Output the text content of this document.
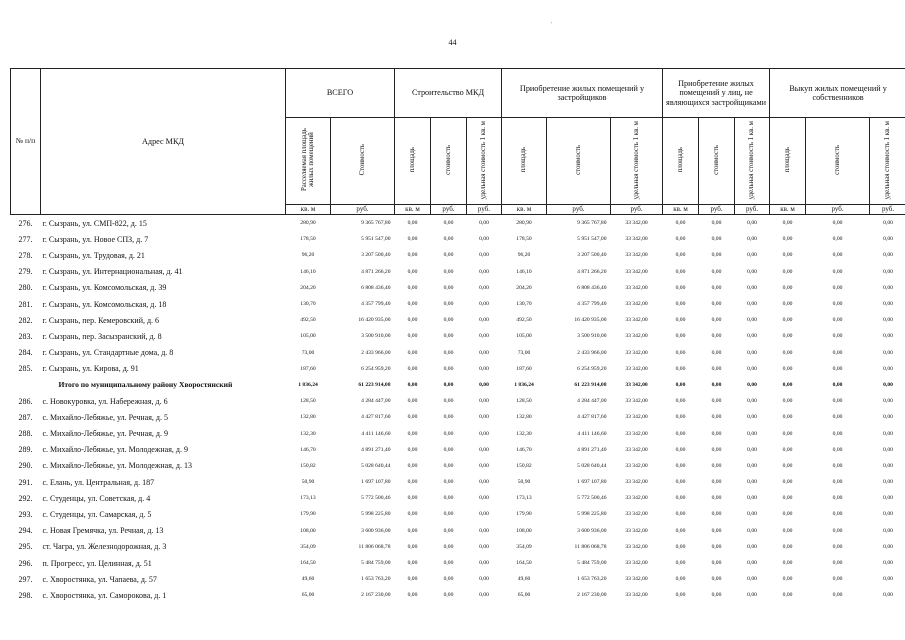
'
44
№ п/п	Адрес МКД	ВСЕГО		Строительство МКД			Приобретение жилых помещений у застройщиков			Приобретение жилых помещений у лиц, не являющихся застройщиками			Выкуп жилых помещений у собственников		
		Расселяемая площадь жилых помещений	Стоимость	площадь	стоимость	удельная стоимость 1 кв. м	площадь	стоимость	удельная стоимость 1 кв. м	площадь	стоимость	удельная стоимость 1 кв. м	площадь	стоимость	удельная стоимость 1 кв. м
		кв. м	руб.	кв. м	руб.	руб.	кв. м	руб.	руб.	кв. м	руб.	руб.	кв. м	руб.	руб.
276.	г. Сызрань, ул. СМП-822, д. 15	280,90	9 365 767,80	0,00	0,00	0,00	280,90	9 365 767,80	33 342,00	0,00	0,00	0,00	0,00	0,00	0,00
277.	г. Сызрань, ул. Новое СПЗ, д. 7	178,50	5 951 547,00	0,00	0,00	0,00	178,50	5 951 547,00	33 342,00	0,00	0,00	0,00	0,00	0,00	0,00
278.	г. Сызрань, ул. Трудовая, д. 21	96,20	3 207 500,40	0,00	0,00	0,00	96,20	3 207 500,40	33 342,00	0,00	0,00	0,00	0,00	0,00	0,00
279.	г. Сызрань, ул. Интернациональная, д. 41	146,10	4 871 266,20	0,00	0,00	0,00	146,10	4 871 266,20	33 342,00	0,00	0,00	0,00	0,00	0,00	0,00
280.	г. Сызрань, ул. Комсомольская, д. 39	204,20	6 808 436,40	0,00	0,00	0,00	204,20	6 808 436,40	33 342,00	0,00	0,00	0,00	0,00	0,00	0,00
281.	г. Сызрань, ул. Комсомольская, д. 18	130,70	4 357 799,40	0,00	0,00	0,00	130,70	4 357 799,40	33 342,00	0,00	0,00	0,00	0,00	0,00	0,00
282.	г. Сызрань, пер. Кемеровский, д. 6	492,50	16 420 935,00	0,00	0,00	0,00	492,50	16 420 935,00	33 342,00	0,00	0,00	0,00	0,00	0,00	0,00
283.	г. Сызрань, пер. Засызранский, д. 8	105,00	3 500 910,00	0,00	0,00	0,00	105,00	3 500 910,00	33 342,00	0,00	0,00	0,00	0,00	0,00	0,00
284.	г. Сызрань, ул. Стандартные дома, д. 8	73,00	2 433 966,00	0,00	0,00	0,00	73,00	2 433 966,00	33 342,00	0,00	0,00	0,00	0,00	0,00	0,00
285.	г. Сызрань, ул. Кирова, д. 91	187,60	6 254 959,20	0,00	0,00	0,00	187,60	6 254 959,20	33 342,00	0,00	0,00	0,00	0,00	0,00	0,00
	Итого по муниципальному району Хворостянский	1 836,24	61 223 914,08	0,00	0,00	0,00	1 836,24	61 223 914,08	33 342,00	0,00	0,00	0,00	0,00	0,00	0,00
286.	с. Новокуровка, ул. Набережная, д. 6	128,50	4 284 447,00	0,00	0,00	0,00	128,50	4 284 447,00	33 342,00	0,00	0,00	0,00	0,00	0,00	0,00
287.	с. Михайло-Лебяжье, ул. Речная, д. 5	132,80	4 427 817,60	0,00	0,00	0,00	132,80	4 427 817,60	33 342,00	0,00	0,00	0,00	0,00	0,00	0,00
288.	с. Михайло-Лебяжье, ул. Речная, д. 9	132,30	4 411 146,60	0,00	0,00	0,00	132,30	4 411 146,60	33 342,00	0,00	0,00	0,00	0,00	0,00	0,00
289.	с. Михайло-Лебяжье, ул. Молодежная, д. 9	146,70	4 891 271,40	0,00	0,00	0,00	146,70	4 891 271,40	33 342,00	0,00	0,00	0,00	0,00	0,00	0,00
290.	с. Михайло-Лебяжье, ул. Молодежная, д. 13	150,82	5 028 640,44	0,00	0,00	0,00	150,82	5 028 640,44	33 342,00	0,00	0,00	0,00	0,00	0,00	0,00
291.	с. Елань, ул. Центральная, д. 187	50,90	1 697 107,80	0,00	0,00	0,00	50,90	1 697 107,80	33 342,00	0,00	0,00	0,00	0,00	0,00	0,00
292.	с. Студенцы, ул. Советская, д. 4	173,13	5 772 500,46	0,00	0,00	0,00	173,13	5 772 500,46	33 342,00	0,00	0,00	0,00	0,00	0,00	0,00
293.	с. Студенцы, ул. Самарская, д. 5	179,90	5 998 225,80	0,00	0,00	0,00	179,90	5 998 225,80	33 342,00	0,00	0,00	0,00	0,00	0,00	0,00
294.	с. Новая Гремячка, ул. Речная, д. 13	108,00	3 600 936,00	0,00	0,00	0,00	108,00	3 600 936,00	33 342,00	0,00	0,00	0,00	0,00	0,00	0,00
295.	ст. Чагра, ул. Железнодорожная, д. 3	354,09	11 806 068,78	0,00	0,00	0,00	354,09	11 806 068,78	33 342,00	0,00	0,00	0,00	0,00	0,00	0,00
296.	п. Прогресс, ул. Целинная, д. 51	164,50	5 484 759,00	0,00	0,00	0,00	164,50	5 484 759,00	33 342,00	0,00	0,00	0,00	0,00	0,00	0,00
297.	с. Хворостянка, ул. Чапаева, д. 57	49,60	1 653 763,20	0,00	0,00	0,00	49,60	1 653 763,20	33 342,00	0,00	0,00	0,00	0,00	0,00	0,00
298.	с. Хворостянка, ул. Саморокова, д. 1	65,00	2 167 230,00	0,00	0,00	0,00	65,00	2 167 230,00	33 342,00	0,00	0,00	0,00	0,00	0,00	0,00
